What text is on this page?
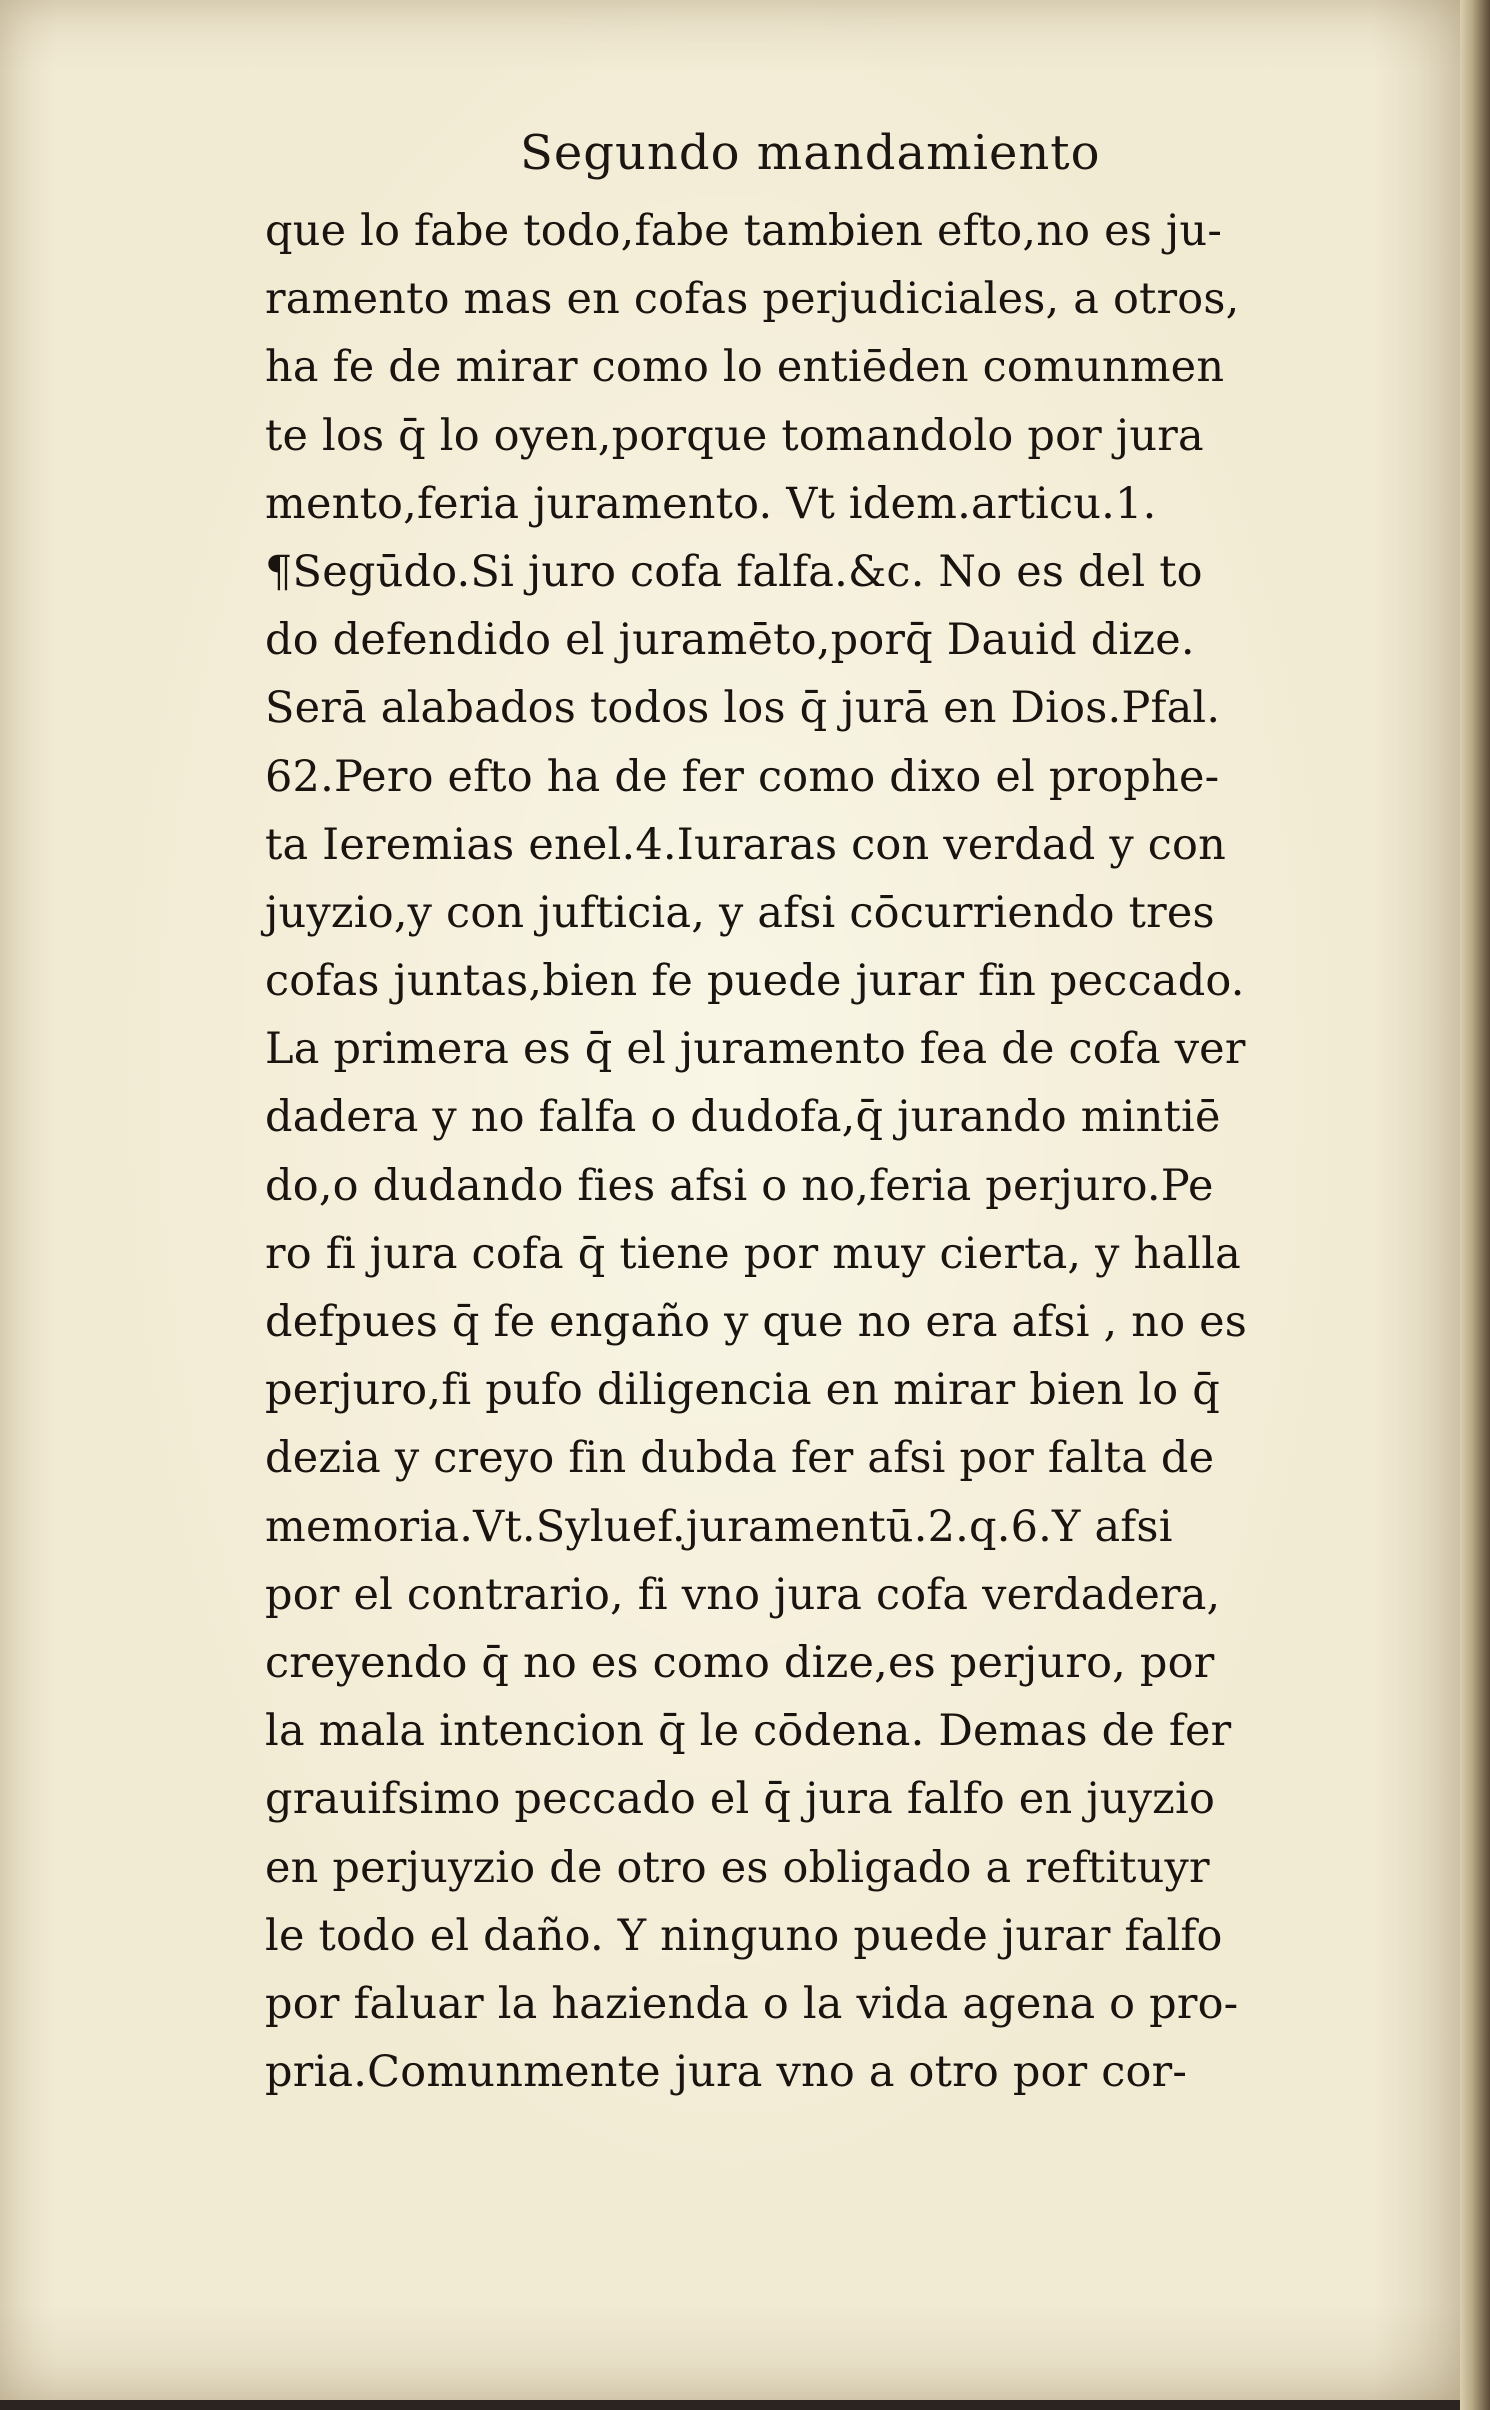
Segundo mandamiento
que lo fabe todo,fabe tambien efto,no es ju-
ramento mas en cofas perjudiciales, a otros,
ha fe de mirar como lo entiēden comunmen
te los q̄ lo oyen,porque tomandolo por jura
mento,feria juramento. Vt idem.articu.1.
¶Segūdo.Si juro cofa falfa.&c. No es del to
do defendido el juramēto,porq̄ Dauid dize.
Serā alabados todos los q̄ jurā en Dios.Pfal.
62.Pero efto ha de fer como dixo el prophe-
ta Ieremias enel.4.Iuraras con verdad y con
juyzio,y con jufticia, y afsi cōcurriendo tres
cofas juntas,bien fe puede jurar fin peccado.
La primera es q̄ el juramento fea de cofa ver
dadera y no falfa o dudofa,q̄ jurando mintiē
do,o dudando fies afsi o no,feria perjuro.Pe
ro fi jura cofa q̄ tiene por muy cierta, y halla
defpues q̄ fe engaño y que no era afsi , no es
perjuro,fi pufo diligencia en mirar bien lo q̄
dezia y creyo fin dubda fer afsi por falta de
memoria.Vt.Syluef.juramentū.2.q.6.Y afsi
por el contrario, fi vno jura cofa verdadera,
creyendo q̄ no es como dize,es perjuro, por
la mala intencion q̄ le cōdena. Demas de fer
grauifsimo peccado el q̄ jura falfo en juyzio
en perjuyzio de otro es obligado a reftituyr
le todo el daño. Y ninguno puede jurar falfo
por faluar la hazienda o la vida agena o pro-
pria.Comunmente jura vno a otro por cor-
